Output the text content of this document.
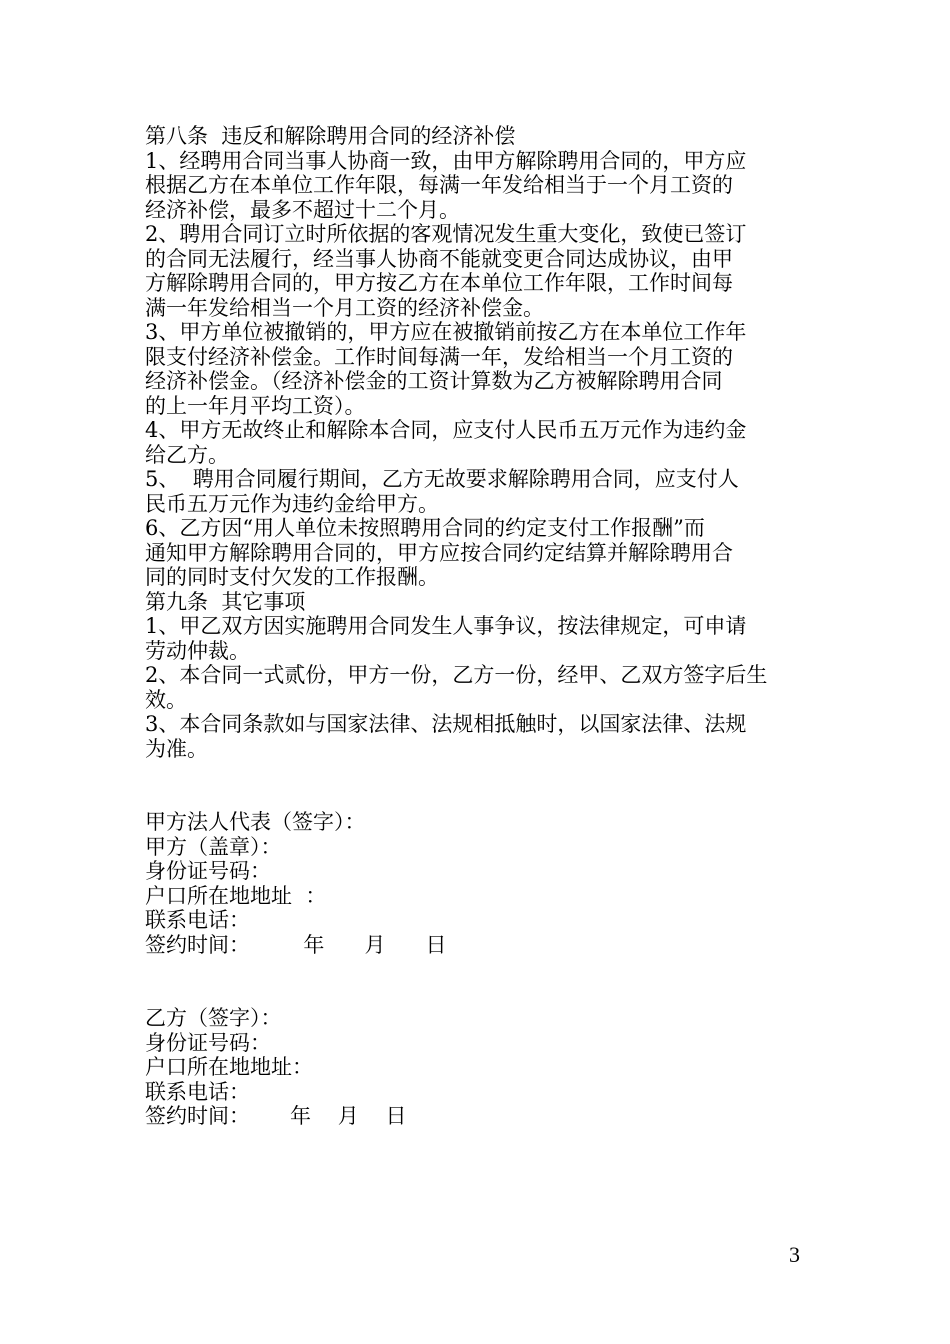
第八条  违反和解除聘用合同的经济补偿
1、经聘用合同当事人协商一致，由甲方解除聘用合同的，甲方应
根据乙方在本单位工作年限，每满一年发给相当于一个月工资的
经济补偿，最多不超过十二个月。
2、聘用合同订立时所依据的客观情况发生重大变化，致使已签订
的合同无法履行，经当事人协商不能就变更合同达成协议，由甲
方解除聘用合同的，甲方按乙方在本单位工作年限，工作时间每
满一年发给相当一个月工资的经济补偿金。
3、甲方单位被撤销的，甲方应在被撤销前按乙方在本单位工作年
限支付经济补偿金。工作时间每满一年，发给相当一个月工资的
经济补偿金。（经济补偿金的工资计算数为乙方被解除聘用合同
的上一年月平均工资）。
4、甲方无故终止和解除本合同，应支付人民币五万元作为违约金
给乙方。
5、  聘用合同履行期间，乙方无故要求解除聘用合同，应支付人
民币五万元作为违约金给甲方。
6、乙方因“用人单位未按照聘用合同的约定支付工作报酬”而
通知甲方解除聘用合同的，甲方应按合同约定结算并解除聘用合
同的同时支付欠发的工作报酬。
第九条  其它事项
1、甲乙双方因实施聘用合同发生人事争议，按法律规定，可申请
劳动仲裁。
2、本合同一式贰份，甲方一份，乙方一份，经甲、乙双方签字后生
效。
3、本合同条款如与国家法律、法规相抵触时，以国家法律、法规
为准。
甲方法人代表（签字）：
甲方（盖章）：
身份证号码：
户口所在地地址  ：
联系电话：
签约时间：        年      月      日
乙方（签字）：
身份证号码：
户口所在地地址：
联系电话：
签约时间：      年    月    日
3
